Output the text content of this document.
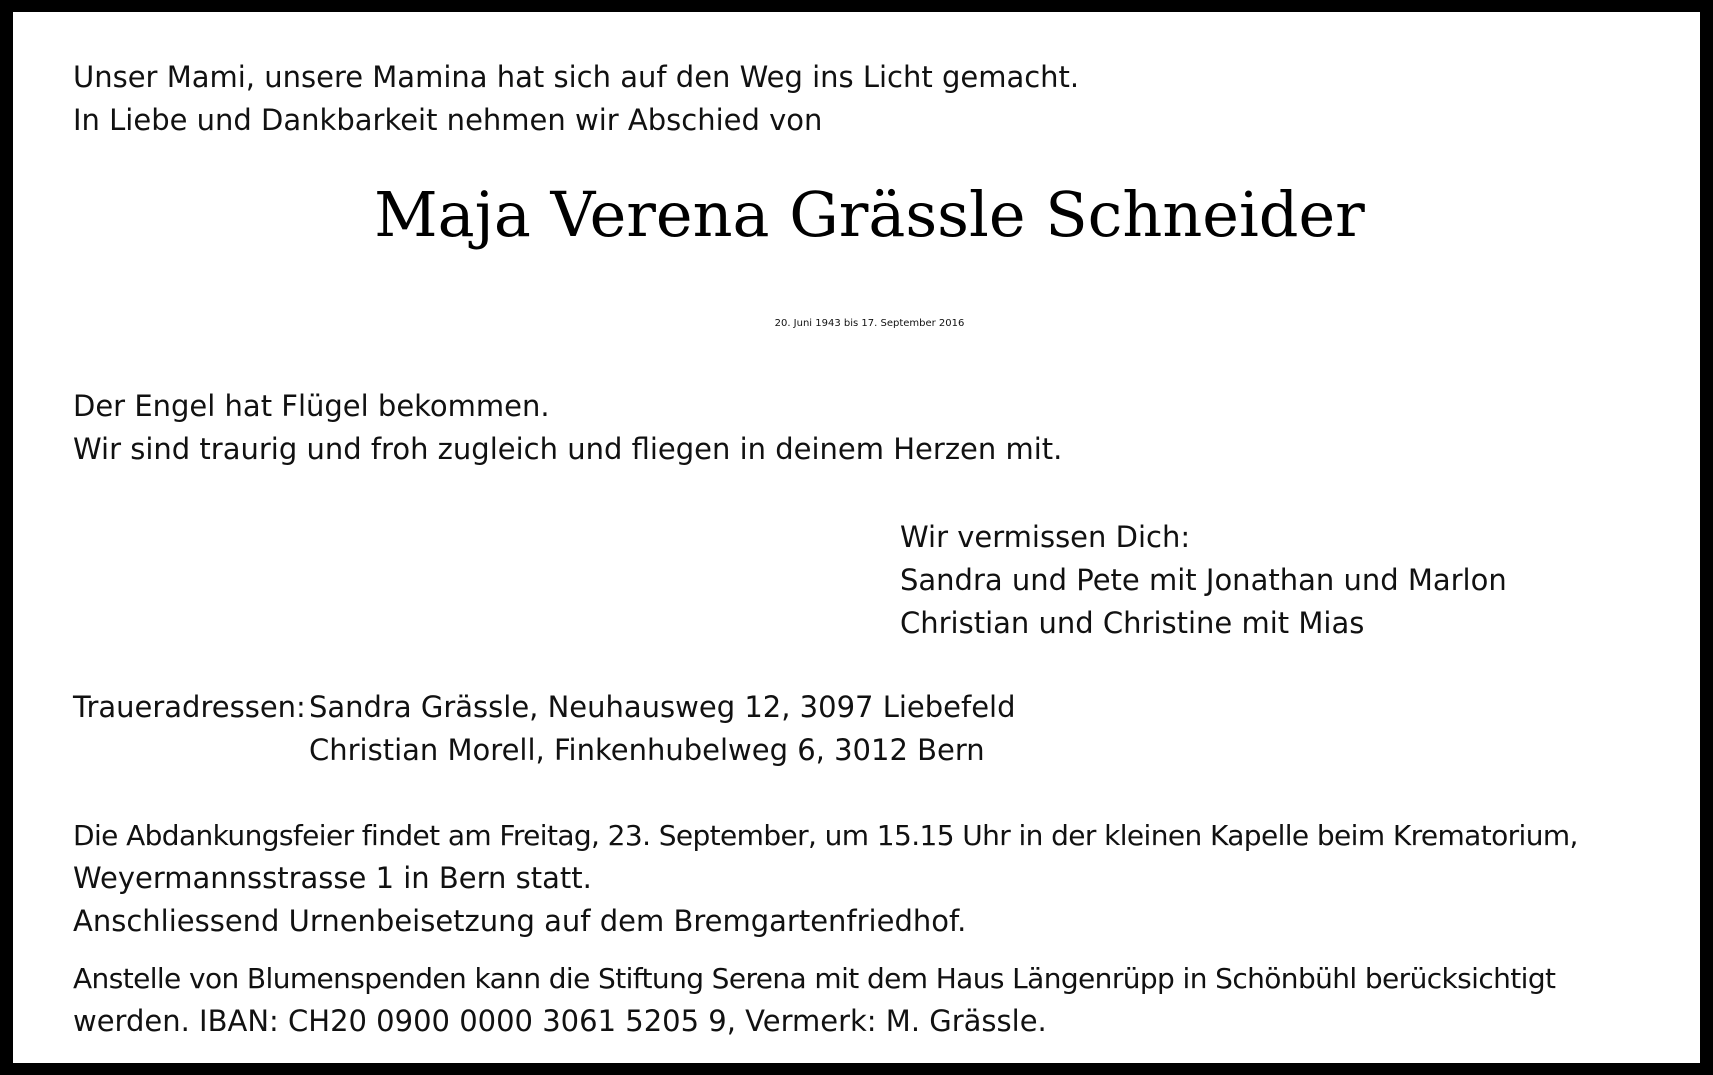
Unser Mami, unsere Mamina hat sich auf den Weg ins Licht gemacht.
In Liebe und Dankbarkeit nehmen wir Abschied von
Maja Verena Grässle Schneider
20. Juni 1943 bis 17. September 2016
Der Engel hat Flügel bekommen.
Wir sind traurig und froh zugleich und fliegen in deinem Herzen mit.
Wir vermissen Dich:
Sandra und Pete mit Jonathan und Marlon
Christian und Christine mit Mias
Traueradressen: Sandra Grässle, Neuhausweg 12, 3097 Liebefeld
Christian Morell, Finkenhubelweg 6, 3012 Bern
Die Abdankungsfeier findet am Freitag, 23. September, um 15.15 Uhr in der kleinen Kapelle beim Krematorium,
Weyermannsstrasse 1 in Bern statt.
Anschliessend Urnenbeisetzung auf dem Bremgartenfriedhof.
Anstelle von Blumenspenden kann die Stiftung Serena mit dem Haus Längenrüpp in Schönbühl berücksichtigt
werden. IBAN: CH20 0900 0000 3061 5205 9, Vermerk: M. Grässle.
